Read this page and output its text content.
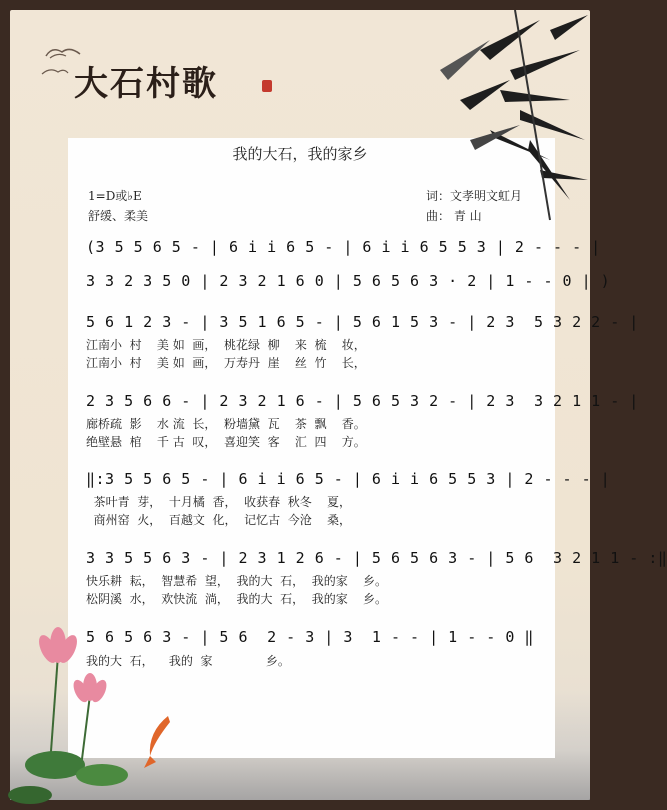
大石村歌
我的大石，我的家乡
1=D或♭E
舒缓、柔美
词：文孝明文虹月
曲： 青 山
(3 5 5 6 5 - | 6 i i 6 5 - | 6 i i 6 5 5 3 | 2 - - - |
3 3 2 3 5 0 | 2 3 2 1 6 0 | 5 6 5 6 3 · 2 | 1 - - 0 | )
5 6 1 2 3 - | 3 5 1 6 5 - | 5 6 1 5 3 - | 2 3  5 3 2 2 - |
江南小  村    美 如  画，  桃花绿  柳    来  梳    妆，
江南小  村    美 如  画，  万寿丹  崖    丝  竹    长，
2 3 5 6 6 - | 2 3 2 1 6 - | 5 6 5 3 2 - | 2 3  3 2 1 1 - |
廊桥疏  影    水 流  长，  粉墙黛  瓦    茶  飘    香。
绝壁悬  棺    千 古  叹，  喜迎笑  客    汇  四    方。
‖:3 5 5 6 5 - | 6 i i 6 5 - | 6 i i 6 5 5 3 | 2 - - - |
茶叶青  芽，  十月橘  香，  收获春  秋冬    夏，
商州窑  火，  百越文  化，  记忆古  今沧    桑，
3 3 5 5 6 3 - | 2 3 1 2 6 - | 5 6 5 6 3 - | 5 6  3 2 1 1 - :‖
快乐耕  耘，  智慧希  望，  我的大  石，  我的家    乡。
松阴溪  水，  欢快流  淌，  我的大  石，  我的家    乡。
5 6 5 6 3 - | 5 6  2 - 3 | 3  1 - - | 1 - - 0 ‖
我的大  石，    我的  家              乡。
